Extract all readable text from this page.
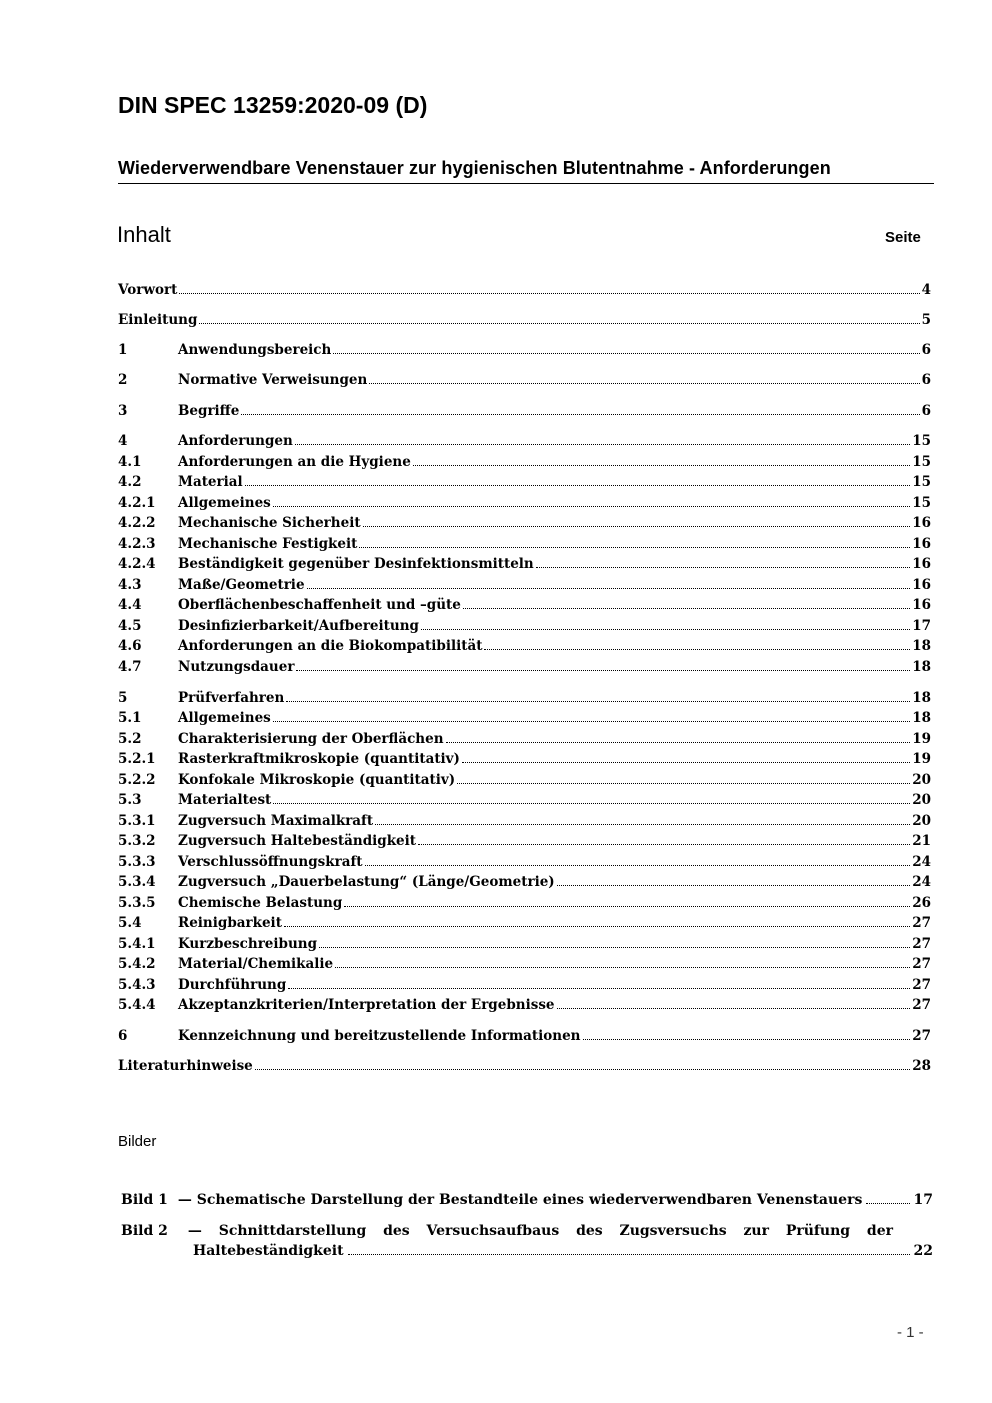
DIN SPEC 13259:2020-09 (D)
Wiederverwendbare Venenstauer zur hygienischen Blutentnahme - Anforderungen
Inhalt	Seite
Vorwort	4
Einleitung	5
1	Anwendungsbereich	6
2	Normative Verweisungen	6
3	Begriffe	6
4	Anforderungen	15
4.1	Anforderungen an die Hygiene	15
4.2	Material	15
4.2.1	Allgemeines	15
4.2.2	Mechanische Sicherheit	16
4.2.3	Mechanische Festigkeit	16
4.2.4	Beständigkeit gegenüber Desinfektionsmitteln	16
4.3	Maße/Geometrie	16
4.4	Oberflächenbeschaffenheit und –güte	16
4.5	Desinfizierbarkeit/Aufbereitung	17
4.6	Anforderungen an die Biokompatibilität	18
4.7	Nutzungsdauer	18
5	Prüfverfahren	18
5.1	Allgemeines	18
5.2	Charakterisierung der Oberflächen	19
5.2.1	Rasterkraftmikroskopie (quantitativ)	19
5.2.2	Konfokale Mikroskopie (quantitativ)	20
5.3	Materialtest	20
5.3.1	Zugversuch Maximalkraft	20
5.3.2	Zugversuch Haltebeständigkeit	21
5.3.3	Verschlussöffnungskraft	24
5.3.4	Zugversuch „Dauerbelastung“ (Länge/Geometrie)	24
5.3.5	Chemische Belastung	26
5.4	Reinigbarkeit	27
5.4.1	Kurzbeschreibung	27
5.4.2	Material/Chemikalie	27
5.4.3	Durchführung	27
5.4.4	Akzeptanzkriterien/Interpretation der Ergebnisse	27
6	Kennzeichnung und bereitzustellende Informationen	27
Literaturhinweise	28
Bilder
Bild 1 — Schematische Darstellung der Bestandteile eines wiederverwendbaren Venenstauers	17
Bild 2 — Schnittdarstellung des Versuchsaufbaus des Zugsversuchs zur Prüfung der
Haltebeständigkeit	22
- 1 -
